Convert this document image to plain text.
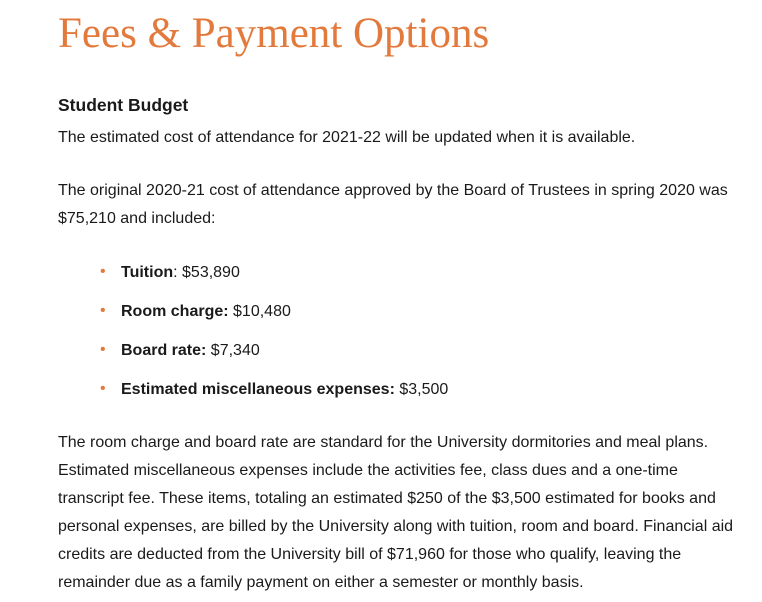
Fees & Payment Options
Student Budget

The estimated cost of attendance for 2021-22 will be updated when it is available.

The original 2020-21 cost of attendance approved by the Board of Trustees in spring 2020 was $75,210 and included:

• Tuition: $53,890
• Room charge: $10,480
• Board rate: $7,340
• Estimated miscellaneous expenses: $3,500

The room charge and board rate are standard for the University dormitories and meal plans. Estimated miscellaneous expenses include the activities fee, class dues and a one-time transcript fee. These items, totaling an estimated $250 of the $3,500 estimated for books and personal expenses, are billed by the University along with tuition, room and board. Financial aid credits are deducted from the University bill of $71,960 for those who qualify, leaving the remainder due as a family payment on either a semester or monthly basis.
